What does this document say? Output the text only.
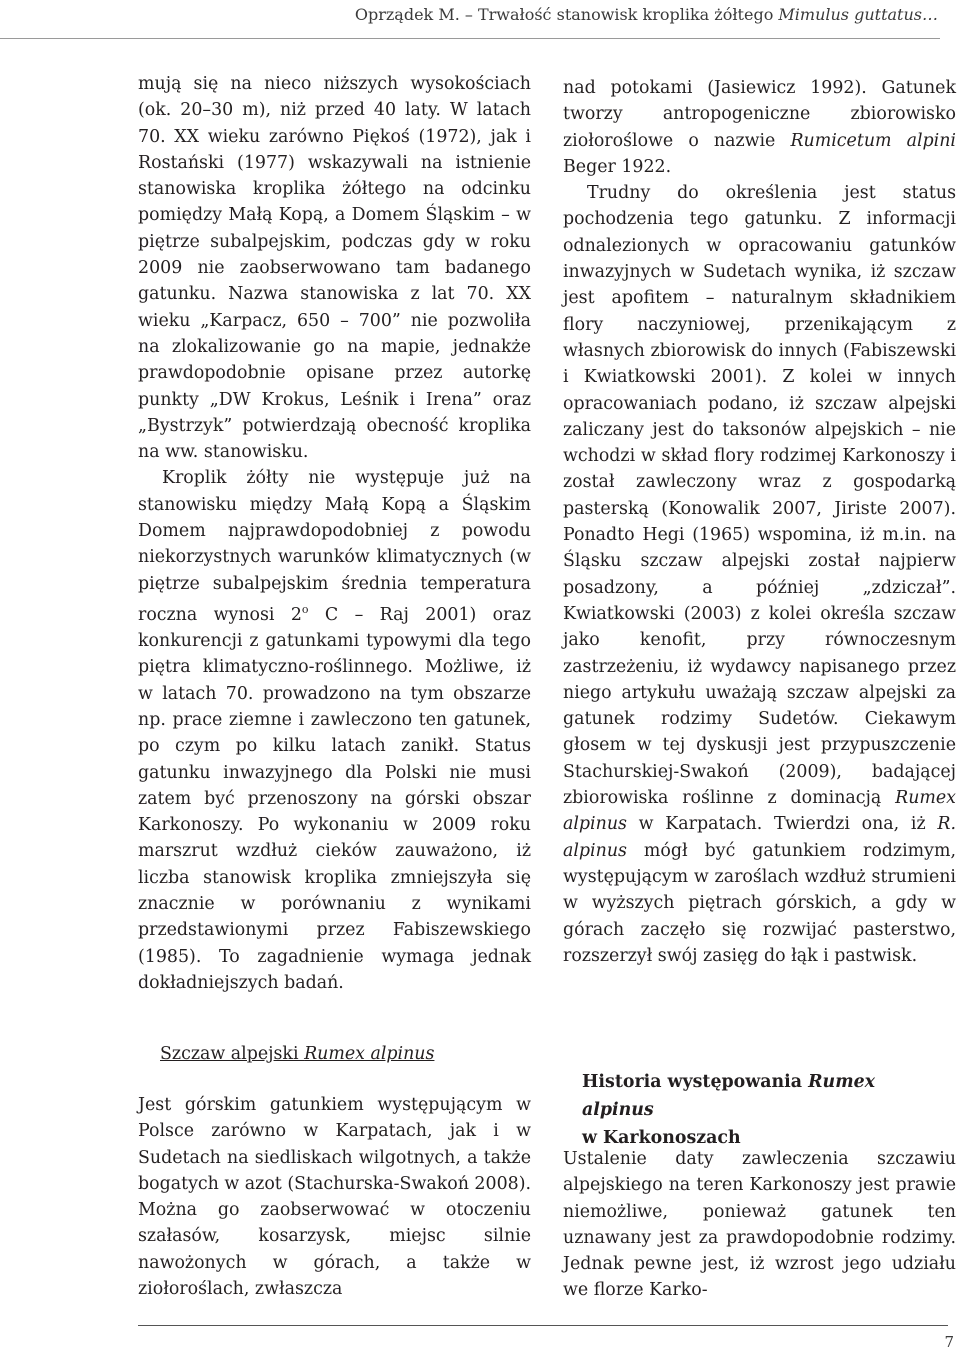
Oprządek M. – Trwałość stanowisk kroplika żółtego Mimulus guttatus…

mują się na nieco niższych wysokościach (ok. 20–30 m), niż przed 40 laty. W latach 70. XX wieku zarówno Piękoś (1972), jak i Rostański (1977) wskazywali na istnienie stanowiska kroplika żółtego na odcinku pomiędzy Małą Kopą, a Domem Śląskim – w piętrze subalpejskim, podczas gdy w roku 2009 nie zaobserwowano tam badanego gatunku. Nazwa stanowiska z lat 70. XX wieku „Karpacz, 650 – 700” nie pozwoliła na zlokalizowanie go na mapie, jednakże prawdopodobnie opisane przez autorkę punkty „DW Krokus, Leśnik i Irena” oraz „Bystrzyk” potwierdzają obecność kroplika na ww. stanowisku.

Kroplik żółty nie występuje już na stanowisku między Małą Kopą a Śląskim Domem najprawdopodobniej z powodu niekorzystnych warunków klimatycznych (w piętrze subalpejskim średnia temperatura roczna wynosi 2$^o$ C – Raj 2001) oraz konkurencji z gatunkami typowymi dla tego piętra klimatyczno-roślinnego. Możliwe, iż w latach 70. prowadzono na tym obszarze np. prace ziemne i zawleczono ten gatunek, po czym po kilku latach zanikł. Status gatunku inwazyjnego dla Polski nie musi zatem być przenoszony na górski obszar Karkonoszy. Po wykonaniu w 2009 roku marszrut wzdłuż cieków zauważono, iż liczba stanowisk kroplika zmniejszyła się znacznie w porównaniu z wynikami przedstawionymi przez Fabiszewskiego (1985). To zagadnienie wymaga jednak dokładniejszych badań.

nad potokami (Jasiewicz 1992). Gatunek tworzy antropogeniczne zbiorowisko ziołoroślowe o nazwie Rumicetum alpini Beger 1922.

Trudny do określenia jest status pochodzenia tego gatunku. Z informacji odnalezionych w opracowaniu gatunków inwazyjnych w Sudetach wynika, iż szczaw jest apofitem – naturalnym składnikiem flory naczyniowej, przenikającym z własnych zbiorowisk do innych (Fabiszewski i Kwiatkowski 2001). Z kolei w innych opracowaniach podano, iż szczaw alpejski zaliczany jest do taksonów alpejskich – nie wchodzi w skład flory rodzimej Karkonoszy i został zawleczony wraz z gospodarką pasterską (Konowalik 2007, Jiriste 2007). Ponadto Hegi (1965) wspomina, iż m.in. na Śląsku szczaw alpejski został najpierw posadzony, a później „zdziczał”. Kwiatkowski (2003) z kolei określa szczaw jako kenofit, przy równoczesnym zastrzeżeniu, iż wydawcy napisanego przez niego artykułu uważają szczaw alpejski za gatunek rodzimy Sudetów. Ciekawym głosem w tej dyskusji jest przypuszczenie Stachurskiej-Swakoń (2009), badającej zbiorowiska roślinne z dominacją Rumex alpinus w Karpatach. Twierdzi ona, iż R. alpinus mógł być gatunkiem rodzimym, występującym w zaroślach wzdłuż strumieni w wyższych piętrach górskich, a gdy w górach zaczęło się rozwijać pasterstwo, rozszerzył swój zasięg do łąk i pastwisk.

Szczaw alpejski Rumex alpinus

Jest górskim gatunkiem występującym w Polsce zarówno w Karpatach, jak i w Sudetach na siedliskach wilgotnych, a także bogatych w azot (Stachurska-Swakoń 2008). Można go zaobserwować w otoczeniu szałasów, kosarzysk, miejsc silnie nawożonych w górach, a także w ziołoroślach, zwłaszcza

Historia występowania Rumex alpinus
w Karkonoszach

Ustalenie daty zawleczenia szczawiu alpejskiego na teren Karkonoszy jest prawie niemożliwe, ponieważ gatunek ten uznawany jest za prawdopodobnie rodzimy. Jednak pewne jest, iż wzrost jego udziału we florze Karko-

7
